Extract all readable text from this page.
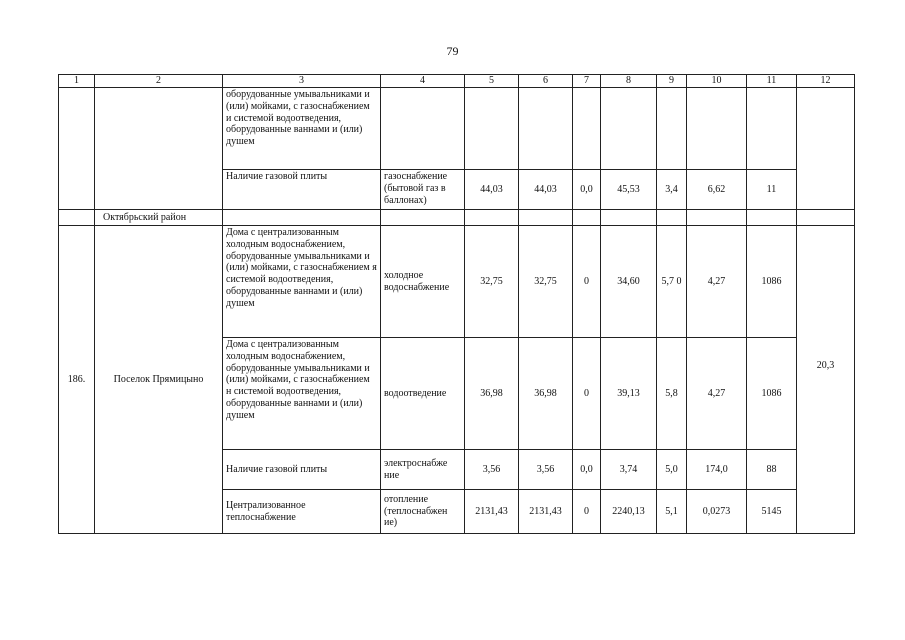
79
1	2	3	4	5	6	7	8	9	10	11	12
		оборудованные умывальниками и (или) мойками, с газоснабжением и системой водоотведения, оборудованные ваннами и (или) душем									
		Наличие газовой плиты	газоснабжение (бытовой газ в баллонах)	44,03	44,03	0,0	45,53	3,4	6,62	11	
	Октябрьский район										
186.	Поселок Прямицыно	Дома с централизованным холодным водоснабжением, оборудованные умывальниками и (или) мойками, с газоснабжением я системой водоотведения, оборудованные ваннами и (или) душем	холодное водоснабжение	32,75	32,75	0	34,60	5,7 0	4,27	1086	20,3
		Дома с централизованным холодным водоснабжением, оборудованные умывальниками и (или) мойками, с газоснабжением н системой водоотведения, оборудованные ваннами и (или) душем	водоотведение	36,98	36,98	0	39,13	5,8	4,27	1086	
		Наличие газовой плиты	электроснабже ние	3,56	3,56	0,0	3,74	5,0	174,0	88	
		Централизованное теплоснабжение	отопление (теплоснабжен ие)	2131,43	2131,43	0	2240,13	5,1	0,0273	5145	
